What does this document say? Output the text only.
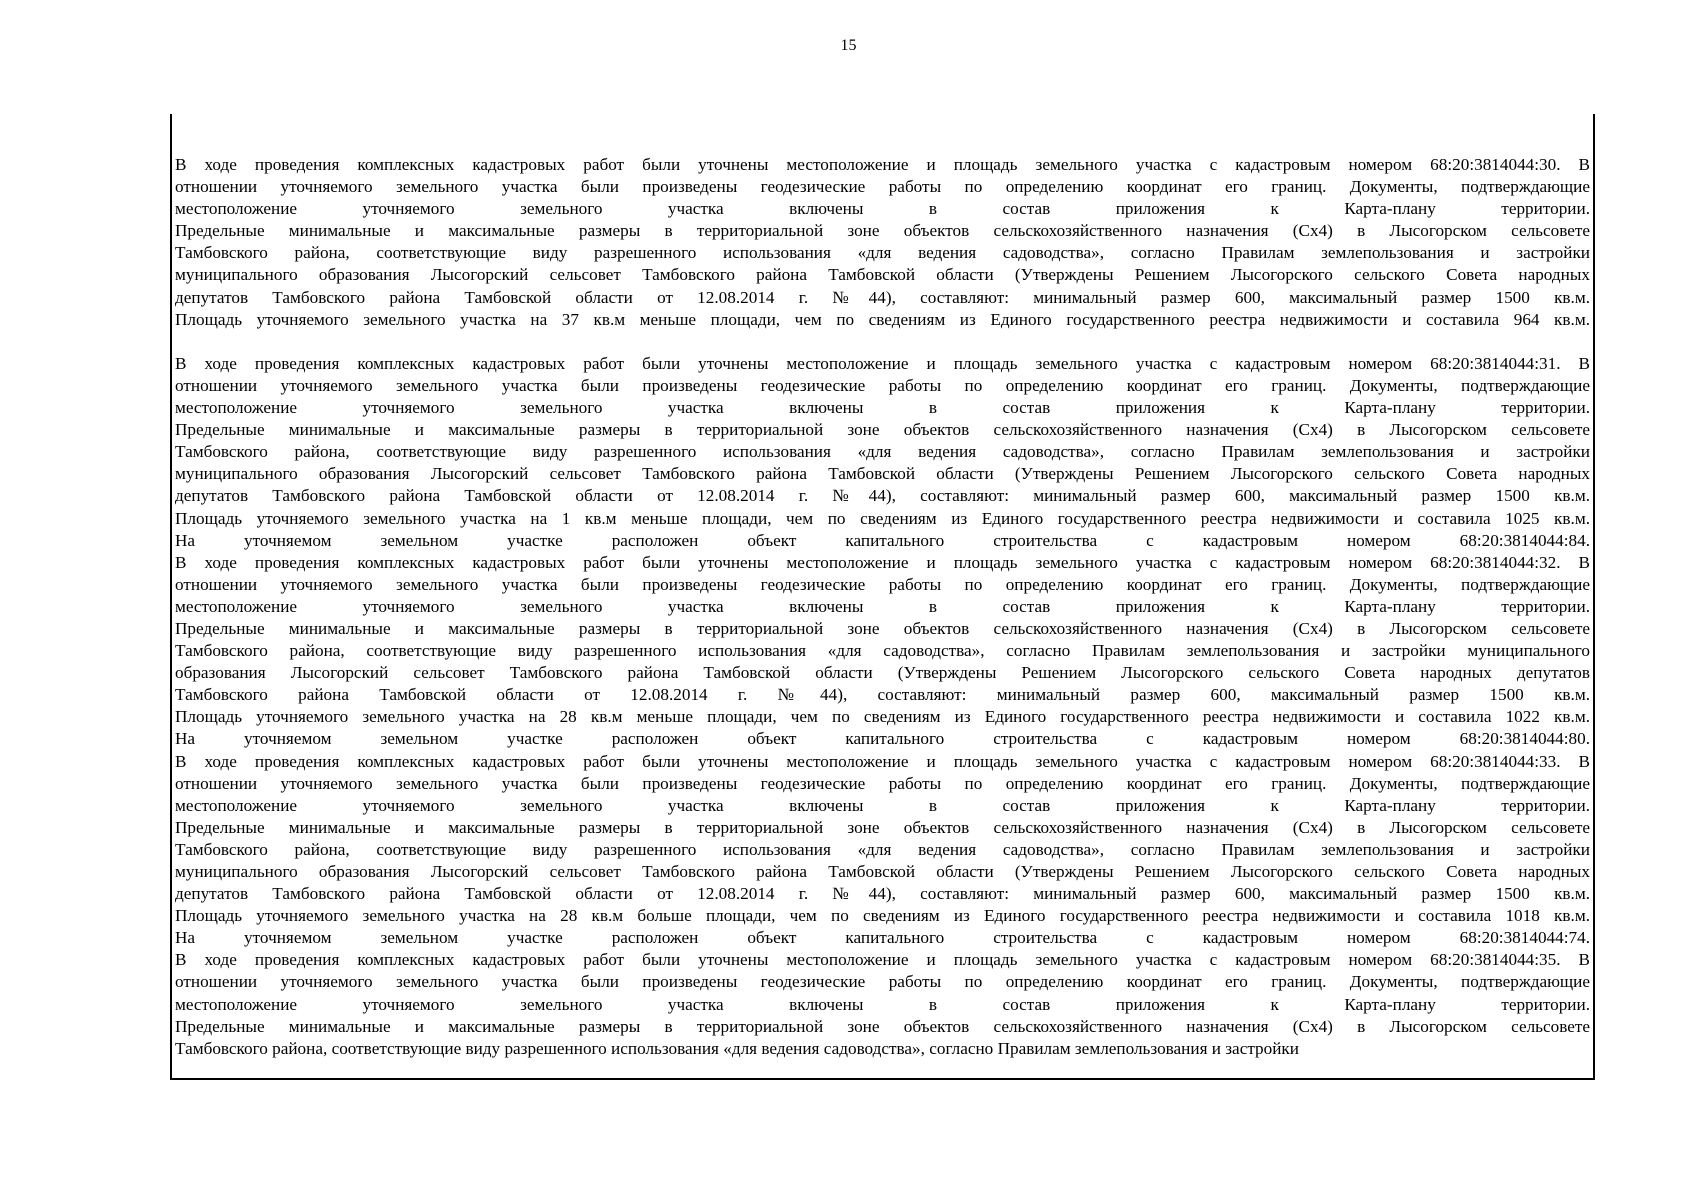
15
В ходе проведения комплексных кадастровых работ были уточнены местоположение и площадь земельного участка с кадастровым номером 68:20:3814044:30. В
отношении уточняемого земельного участка были произведены геодезические работы по определению координат его границ. Документы, подтверждающие
местоположение уточняемого земельного участка включены в состав приложения к Карта-плану территории.
Предельные минимальные и максимальные размеры в территориальной зоне объектов сельскохозяйственного назначения (Сх4) в Лысогорском сельсовете
Тамбовского района, соответствующие виду разрешенного использования «для ведения садоводства», согласно Правилам землепользования и застройки
муниципального образования Лысогорский сельсовет Тамбовского района Тамбовской области (Утверждены Решением Лысогорского сельского Совета народных
депутатов Тамбовского района Тамбовской области от 12.08.2014 г. №44), составляют: минимальный размер 600, максимальный размер 1500 кв.м.
Площадь уточняемого земельного участка на 37 кв.м меньше площади, чем по сведениям из Единого государственного реестра недвижимости и составила 964 кв.м.
В ходе проведения комплексных кадастровых работ были уточнены местоположение и площадь земельного участка с кадастровым номером 68:20:3814044:31. В
отношении уточняемого земельного участка были произведены геодезические работы по определению координат его границ. Документы, подтверждающие
местоположение уточняемого земельного участка включены в состав приложения к Карта-плану территории.
Предельные минимальные и максимальные размеры в территориальной зоне объектов сельскохозяйственного назначения (Сх4) в Лысогорском сельсовете
Тамбовского района, соответствующие виду разрешенного использования «для ведения садоводства», согласно Правилам землепользования и застройки
муниципального образования Лысогорский сельсовет Тамбовского района Тамбовской области (Утверждены Решением Лысогорского сельского Совета народных
депутатов Тамбовского района Тамбовской области от 12.08.2014 г. №44), составляют: минимальный размер 600, максимальный размер 1500 кв.м.
Площадь уточняемого земельного участка на 1 кв.м меньше площади, чем по сведениям из Единого государственного реестра недвижимости и составила 1025 кв.м.
На уточняемом земельном участке расположен объект капитального строительства с кадастровым номером 68:20:3814044:84.
В ходе проведения комплексных кадастровых работ были уточнены местоположение и площадь земельного участка с кадастровым номером 68:20:3814044:32. В
отношении уточняемого земельного участка были произведены геодезические работы по определению координат его границ. Документы, подтверждающие
местоположение уточняемого земельного участка включены в состав приложения к Карта-плану территории.
Предельные минимальные и максимальные размеры в территориальной зоне объектов сельскохозяйственного назначения (Сх4) в Лысогорском сельсовете
Тамбовского района, соответствующие виду разрешенного использования «для садоводства», согласно Правилам землепользования и застройки муниципального
образования Лысогорский сельсовет Тамбовского района Тамбовской области (Утверждены Решением Лысогорского сельского Совета народных депутатов
Тамбовского района Тамбовской области от 12.08.2014 г. №44), составляют: минимальный размер 600, максимальный размер 1500 кв.м.
Площадь уточняемого земельного участка на 28 кв.м меньше площади, чем по сведениям из Единого государственного реестра недвижимости и составила 1022 кв.м.
На уточняемом земельном участке расположен объект капитального строительства с кадастровым номером 68:20:3814044:80.
В ходе проведения комплексных кадастровых работ были уточнены местоположение и площадь земельного участка с кадастровым номером 68:20:3814044:33. В
отношении уточняемого земельного участка были произведены геодезические работы по определению координат его границ. Документы, подтверждающие
местоположение уточняемого земельного участка включены в состав приложения к Карта-плану территории.
Предельные минимальные и максимальные размеры в территориальной зоне объектов сельскохозяйственного назначения (Сх4) в Лысогорском сельсовете
Тамбовского района, соответствующие виду разрешенного использования «для ведения садоводства», согласно Правилам землепользования и застройки
муниципального образования Лысогорский сельсовет Тамбовского района Тамбовской области (Утверждены Решением Лысогорского сельского Совета народных
депутатов Тамбовского района Тамбовской области от 12.08.2014 г. №44), составляют: минимальный размер 600, максимальный размер 1500 кв.м.
Площадь уточняемого земельного участка на 28 кв.м больше площади, чем по сведениям из Единого государственного реестра недвижимости и составила 1018 кв.м.
На уточняемом земельном участке расположен объект капитального строительства с кадастровым номером 68:20:3814044:74.
В ходе проведения комплексных кадастровых работ были уточнены местоположение и площадь земельного участка с кадастровым номером 68:20:3814044:35. В
отношении уточняемого земельного участка были произведены геодезические работы по определению координат его границ. Документы, подтверждающие
местоположение уточняемого земельного участка включены в состав приложения к Карта-плану территории.
Предельные минимальные и максимальные размеры в территориальной зоне объектов сельскохозяйственного назначения (Сх4) в Лысогорском сельсовете
Тамбовского района, соответствующие виду разрешенного использования «для ведения садоводства», согласно Правилам землепользования и застройки
